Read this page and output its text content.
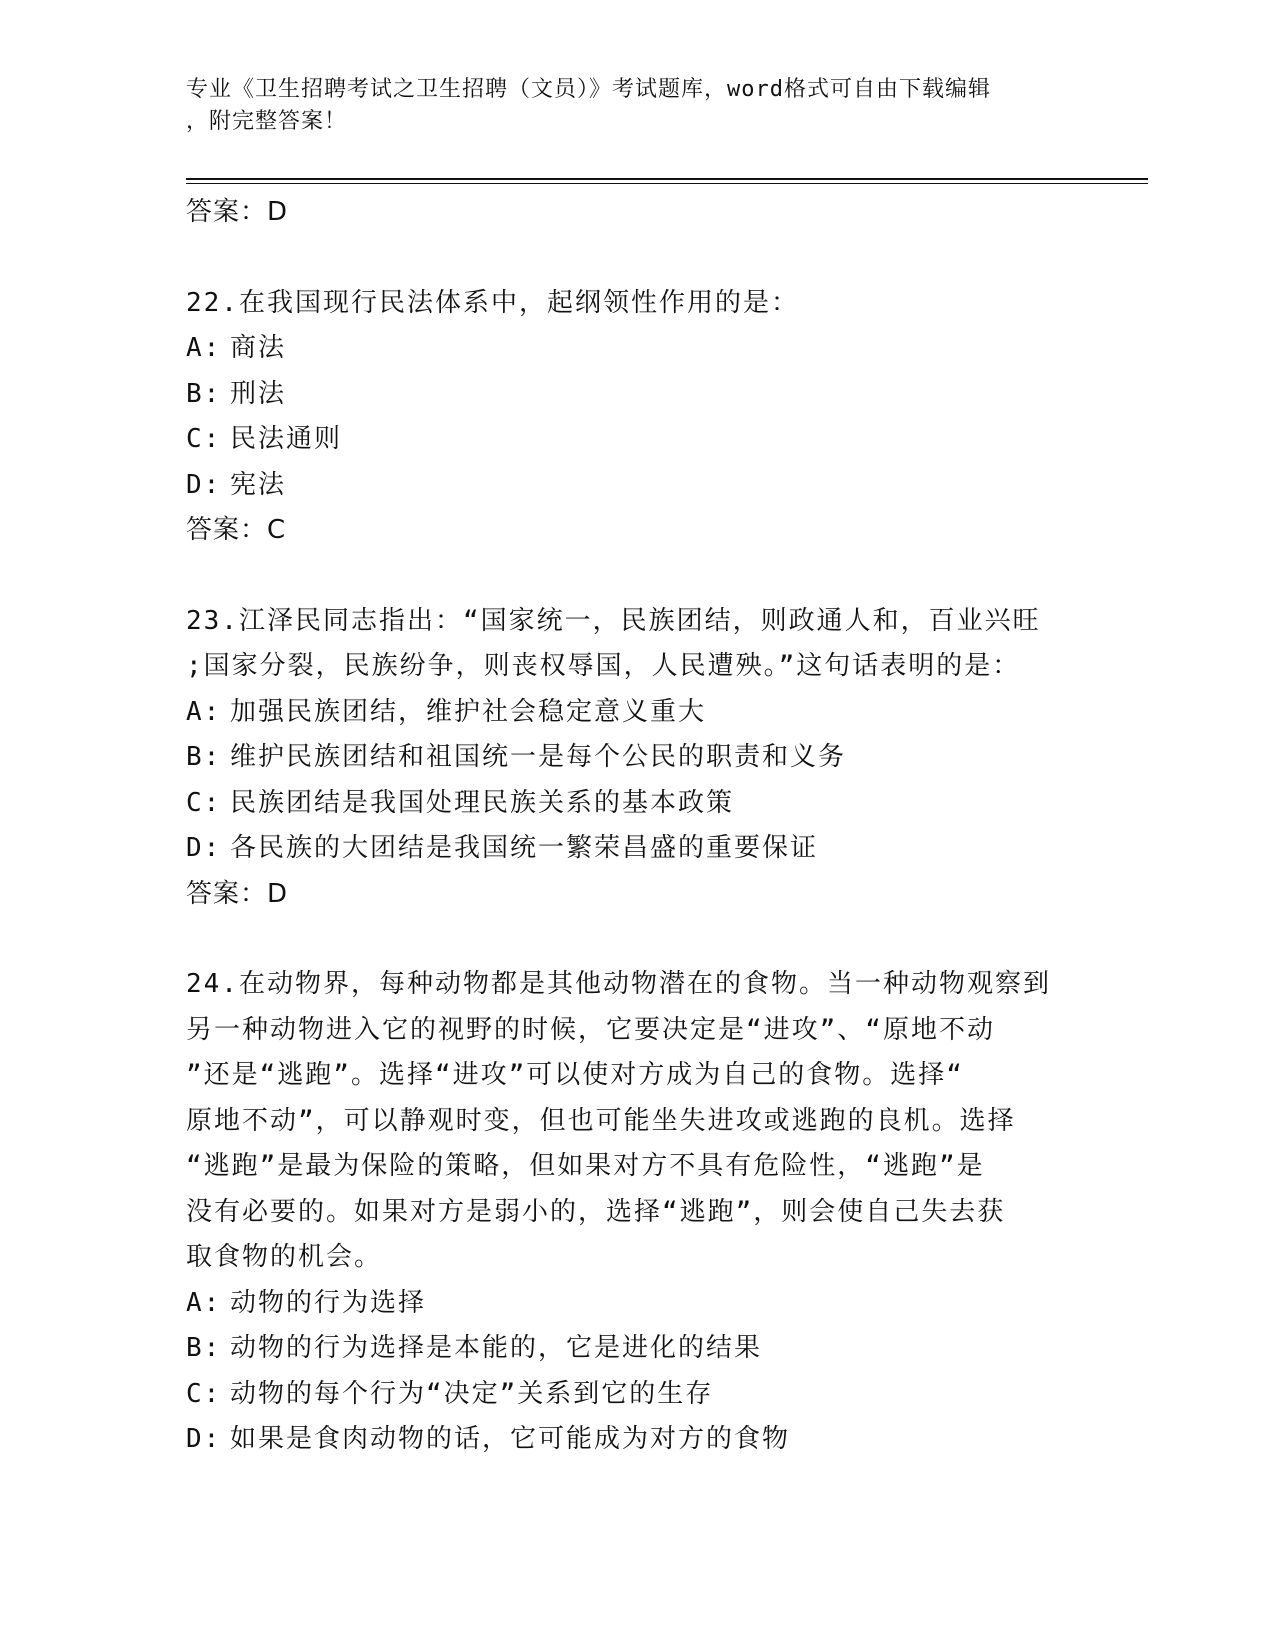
专业《卫生招聘考试之卫生招聘（文员）》考试题库，word格式可自由下载编辑
，附完整答案！
答案：D
22.在我国现行民法体系中，起纲领性作用的是：
A: 商法
B: 刑法
C: 民法通则
D: 宪法
答案：C
23.江泽民同志指出：“国家统一，民族团结，则政通人和，百业兴旺
;国家分裂，民族纷争，则丧权辱国，人民遭殃。”这句话表明的是：
A: 加强民族团结，维护社会稳定意义重大
B: 维护民族团结和祖国统一是每个公民的职责和义务
C: 民族团结是我国处理民族关系的基本政策
D: 各民族的大团结是我国统一繁荣昌盛的重要保证
答案：D
24.在动物界，每种动物都是其他动物潜在的食物。当一种动物观察到
另一种动物进入它的视野的时候，它要决定是“进攻”、“原地不动
”还是“逃跑”。选择“进攻”可以使对方成为自己的食物。选择“
原地不动”，可以静观时变，但也可能坐失进攻或逃跑的良机。选择
“逃跑”是最为保险的策略，但如果对方不具有危险性，“逃跑”是
没有必要的。如果对方是弱小的，选择“逃跑”，则会使自己失去获
取食物的机会。
A: 动物的行为选择
B: 动物的行为选择是本能的，它是进化的结果
C: 动物的每个行为“决定”关系到它的生存
D: 如果是食肉动物的话，它可能成为对方的食物
